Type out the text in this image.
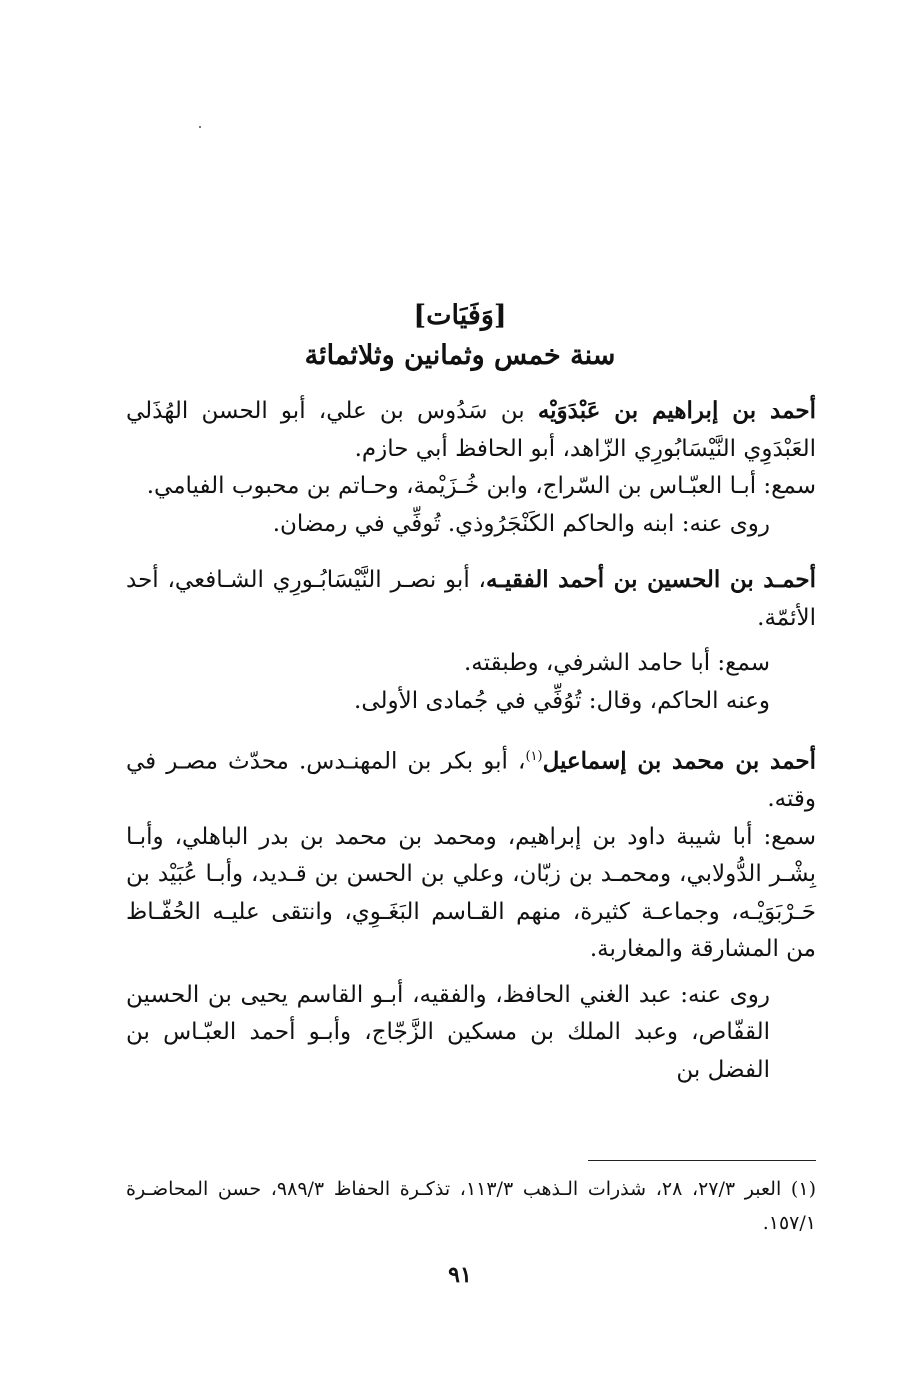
[وَفَيَات]
سنة خمس وثمانين وثلاثمائة

أحمد بن إبراهيم بن عَبْدَوَيْه بن سَدُوس بن علي، أبو الحسن الهُذَلي العَبْدَوِي النَّيْسَابُورِي الزّاهد، أبو الحافظ أبي حازم.

سمع: أبـا العبّـاس بن السّراج، وابن خُـزَيْمة، وحـاتم بن محبوب الفيامي.

روى عنه: ابنه والحاكم الكَنْجَرُوذي. تُوفِّي في رمضان.

أحمـد بن الحسين بن أحمد الفقيـه، أبو نصـر النَّيْسَابُـورِي الشـافعي، أحد الأئمّة.

سمع: أبا حامد الشرفي، وطبقته.

وعنه الحاكم، وقال: تُوُفِّي في جُمادى الأولى.

أحمد بن محمد بن إسماعيل$^{(١)}$، أبو بكر بن المهنـدس. محدّث مصـر في وقته.

سمع: أبا شيبة داود بن إبراهيم، ومحمد بن محمد بن بدر الباهلي، وأبـا بِشْـر الدُّولابي، ومحمـد بن زبّان، وعلي بن الحسن بن قـديد، وأبـا عُبَيْد بن حَـرْبَوَيْـه، وجماعـة كثيرة، منهم القـاسم البَغَـوِي، وانتقى عليـه الحُفّـاظ من المشارقة والمغاربة.

روى عنه: عبد الغني الحافظ، والفقيه، أبـو القاسم يحيى بن الحسين القفّاص، وعبد الملك بن مسكين الزَّجّاج، وأبـو أحمد العبّـاس بن الفضل بن

(١) العبر ٢٧/٣، ٢٨، شذرات الـذهب ١١٣/٣، تذكـرة الحفاظ ٩٨٩/٣، حسن المحاضـرة ١٥٧/١.
٩١
